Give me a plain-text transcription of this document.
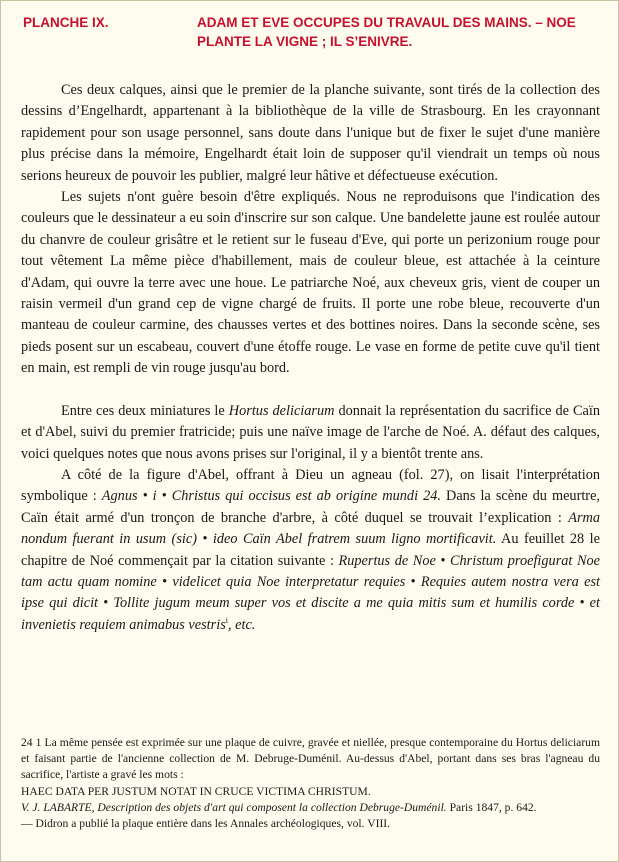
PLANCHE IX.	ADAM ET EVE OCCUPES DU TRAVAUL DES MAINS. – NOE PLANTE LA VIGNE ; IL S’ENIVRE.

Ces deux calques, ainsi que le premier de la planche suivante, sont tirés de la collection des dessins d’Engelhardt, appartenant à la bibliothèque de la ville de Strasbourg. En les crayonnant rapidement pour son usage personnel, sans doute dans l'unique but de fixer le sujet d'une manière plus précise dans la mémoire, Engelhardt était loin de supposer qu'il viendrait un temps où nous serions heureux de pouvoir les publier, malgré leur hâtive et défectueuse exécution.

Les sujets n'ont guère besoin d'être expliqués. Nous ne reproduisons que l'indication des couleurs que le dessinateur a eu soin d'inscrire sur son calque. Une bandelette jaune est roulée autour du chanvre de couleur grisâtre et le retient sur le fuseau d'Eve, qui porte un perizonium rouge pour tout vêtement La même pièce d'habillement, mais de couleur bleue, est attachée à la ceinture d'Adam, qui ouvre la terre avec une houe. Le patriarche Noé, aux cheveux gris, vient de couper un raisin vermeil d'un grand cep de vigne chargé de fruits. Il porte une robe bleue, recouverte d'un manteau de couleur carmine, des chausses vertes et des bottines noires. Dans la seconde scène, ses pieds posent sur un escabeau, couvert d'une étoffe rouge. Le vase en forme de petite cuve qu'il tient en main, est rempli de vin rouge jusqu'au bord.

Entre ces deux miniatures le Hortus deliciarum donnait la représentation du sacrifice de Caïn et d'Abel, suivi du premier fratricide; puis une naïve image de l'arche de Noé. A. défaut des calques, voici quelques notes que nous avons prises sur l'original, il y a bientôt trente ans.

A côté de la figure d'Abel, offrant à Dieu un agneau (fol. 27), on lisait l'interprétation symbolique : Agnus • i • Christus qui occisus est ab origine mundi 24. Dans la scène du meurtre, Caïn était armé d'un tronçon de branche d'arbre, à côté duquel se trouvait l’explication : Arma nondum fuerant in usum (sic) • ideo Caïn Abel fratrem suum ligno mortificavit. Au feuillet 28 le chapitre de Noé commençait par la citation suivante : Rupertus de Noe • Christum proefigurat Noe tam actu quam nomine • videlicet quia Noe interpretatur requies • Requies autem nostra vera est ipse qui dicit • Tollite jugum meum super vos et discite a me quia mitis sum et humilis corde • et invenietis requiem animabus vestris$^i$, etc.

24 1 La même pensée est exprimée sur une plaque de cuivre, gravée et niellée, presque contemporaine du Hortus deliciarum et faisant partie de l'ancienne collection de M. Debruge-Duménil. Au-dessus d'Abel, portant dans ses bras l'agneau du sacrifice, l'artiste a gravé les mots :

HAEC DATA PER JUSTUM NOTAT IN CRUCE VICTIMA CHRISTUM.

V. J. LABARTE, Description des objets d'art qui composent la collection Debruge-Duménil. Paris 1847, p. 642.

— Didron a publié la plaque entière dans les Annales archéologiques, vol. VIII.
